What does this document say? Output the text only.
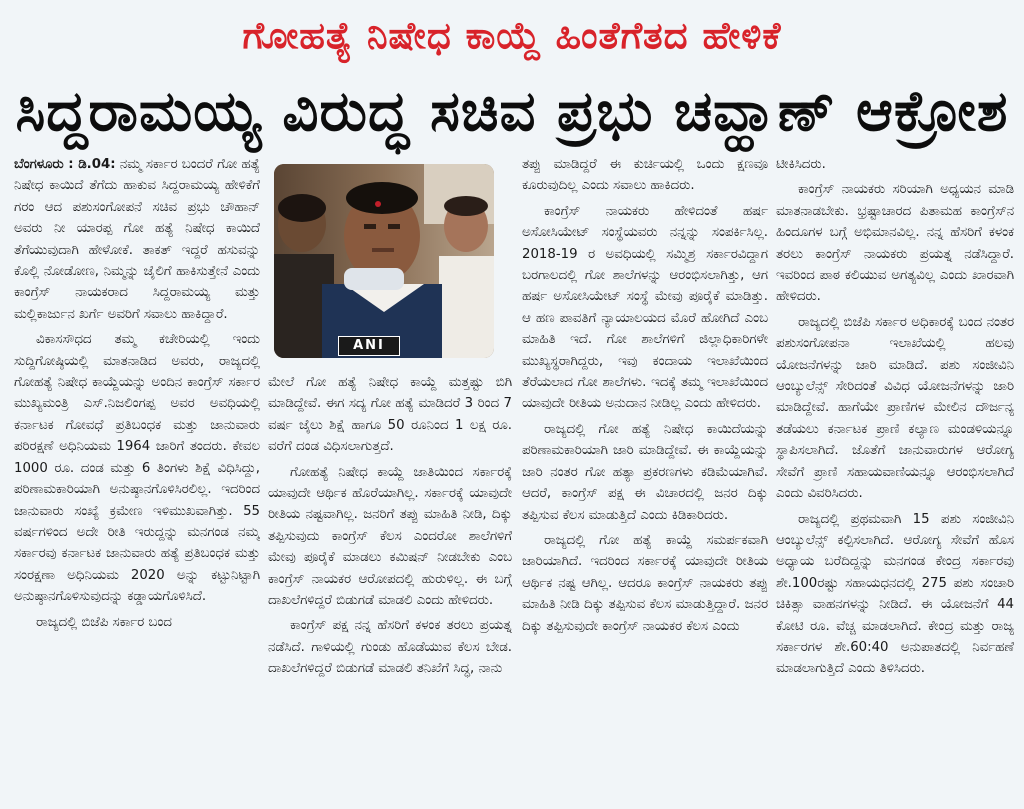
ಗೋಹತ್ಯೆ ನಿಷೇಧ ಕಾಯ್ದೆ ಹಿಂತೆಗೆತದ ಹೇಳಿಕೆ
ಸಿದ್ದರಾಮಯ್ಯ ವಿರುದ್ಧ ಸಚಿವ ಪ್ರಭು ಚವ್ಹಾಣ್ ಆಕ್ರೋಶ

ಬೆಂಗಳೂರು : ಡಿ.04: ನಮ್ಮ ಸರ್ಕಾರ ಬಂದರೆ ಗೋ ಹತ್ಯೆ ನಿಷೇಧ ಕಾಯಿದೆ ತೆಗೆದು ಹಾಕುವ ಸಿದ್ದರಾಮಯ್ಯ ಹೇಳಿಕೆಗೆ ಗರಂ ಆದ ಪಶುಸಂಗೋಪನೆ ಸಚಿವ ಪ್ರಭು ಚೌಹಾನ್ ಅವರು ನೀ ಯಾರಪ್ಪ ಗೋ ಹತ್ಯೆ ನಿಷೇಧ ಕಾಯಿದೆ ತೆಗೆಯುವುದಾಗಿ ಹೇಳೋಕೆ. ತಾಕತ್ ಇದ್ದರೆ ಹಸುವನ್ನು ಕೊಲ್ಲಿ ನೋಡೋಣ, ನಿಮ್ಮನ್ನು ಜೈಲಿಗೆ ಹಾಕಿಸುತ್ತೇನೆ ಎಂದು ಕಾಂಗ್ರೆಸ್ ನಾಯಕರಾದ ಸಿದ್ದರಾಮಯ್ಯ ಮತ್ತು ಮಲ್ಲಿಕಾರ್ಜುನ ಖರ್ಗೆ ಅವರಿಗೆ ಸವಾಲು ಹಾಕಿದ್ದಾರೆ.

ವಿಕಾಸಸೌಧದ ತಮ್ಮ ಕಚೇರಿಯಲ್ಲಿ ಇಂದು ಸುದ್ದಿಗೋಷ್ಠಿಯಲ್ಲಿ ಮಾತನಾಡಿದ ಅವರು, ರಾಜ್ಯದಲ್ಲಿ ಗೋಹತ್ಯೆ ನಿಷೇಧ ಕಾಯ್ದೆಯನ್ನು ಅಂದಿನ ಕಾಂಗ್ರೆಸ್ ಸರ್ಕಾರ ಮುಖ್ಯಮಂತ್ರಿ ಎಸ್.ನಿಜಲಿಂಗಪ್ಪ ಅವರ ಅವಧಿಯಲ್ಲಿ ಕರ್ನಾಟಕ ಗೋವಧೆ ಪ್ರತಿಬಂಧಕ ಮತ್ತು ಜಾನುವಾರು ಪರಿರಕ್ಷಣೆ ಅಧಿನಿಯಮ 1964 ಜಾರಿಗೆ ತಂದರು. ಕೇವಲ 1000 ರೂ. ದಂಡ ಮತ್ತು 6 ತಿಂಗಳು ಶಿಕ್ಷೆ ವಿಧಿಸಿದ್ದು, ಪರಿಣಾಮಕಾರಿಯಾಗಿ ಅನುಷ್ಠಾನಗೊಳಿಸಿರಲಿಲ್ಲ. ಇದರಿಂದ ಜಾನುವಾರು ಸಂಖ್ಯೆ ಕ್ರಮೇಣ ಇಳಿಮುಖವಾಗಿತ್ತು. 55 ವರ್ಷಗಳಿಂದ ಅದೇ ರೀತಿ ಇರುದ್ದನ್ನು ಮನಗಂಡ ನಮ್ಮ ಸರ್ಕಾರವು ಕರ್ನಾಟಕ ಜಾನುವಾರು ಹತ್ಯೆ ಪ್ರತಿಬಂಧಕ ಮತ್ತು ಸಂರಕ್ಷಣಾ ಅಧಿನಿಯಮ 2020 ಅನ್ನು ಕಟ್ಟುನಿಟ್ಟಾಗಿ ಅನುಷ್ಠಾನಗೊಳಿಸುವುದನ್ನು ಕಡ್ಡಾಯಗೊಳಿಸಿದೆ.

ರಾಜ್ಯದಲ್ಲಿ ಬಿಜೆಪಿ ಸರ್ಕಾರ ಬಂದ

ANI

ಮೇಲೆ ಗೋ ಹತ್ಯೆ ನಿಷೇಧ ಕಾಯ್ದೆ ಮತ್ತಷ್ಟು ಬಿಗಿ ಮಾಡಿದ್ದೇವೆ. ಈಗ ಸದ್ಯ ಗೋ ಹತ್ಯೆ ಮಾಡಿದರೆ 3 ರಿಂದ 7 ವರ್ಷ ಜೈಲು ಶಿಕ್ಷೆ ಹಾಗೂ 50 ರೂನಿಂದ 1 ಲಕ್ಷ ರೂ. ವರೆಗೆ ದಂಡ ವಿಧಿಸಲಾಗುತ್ತದೆ.

ಗೋಹತ್ಯೆ ನಿಷೇಧ ಕಾಯ್ದೆ ಜಾತಿಯಿಂದ ಸರ್ಕಾರಕ್ಕೆ ಯಾವುದೇ ಆರ್ಥಿಕ ಹೊರೆಯಾಗಿಲ್ಲ. ಸರ್ಕಾರಕ್ಕೆ ಯಾವುದೇ ರೀತಿಯ ನಷ್ಟವಾಗಿಲ್ಲ. ಜನರಿಗೆ ತಪ್ಪು ಮಾಹಿತಿ ನೀಡಿ, ದಿಕ್ಕು ತಪ್ಪಿಸುವುದು ಕಾಂಗ್ರೆಸ್ ಕೆಲಸ ಎಂದರೋ ಶಾಲೆಗಳಿಗೆ ಮೇವು ಪೂರೈಕೆ ಮಾಡಲು ಕಮಿಷನ್ ನೀಡಬೇಕು ಎಂಬ ಕಾಂಗ್ರೆಸ್ ನಾಯಕರ ಆರೋಪದಲ್ಲಿ ಹುರುಳಿಲ್ಲ. ಈ ಬಗ್ಗೆ ದಾಖಲೆಗಳಿದ್ದರೆ ಬಿಡುಗಡೆ ಮಾಡಲಿ ಎಂದು ಹೇಳಿದರು.

ಕಾಂಗ್ರೆಸ್ ಪಕ್ಷ ನನ್ನ ಹೆಸರಿಗೆ ಕಳಂಕ ತರಲು ಪ್ರಯತ್ನ ನಡೆಸಿದೆ. ಗಾಳಿಯಲ್ಲಿ ಗುಂಡು ಹೊಡೆಯುವ ಕೆಲಸ ಬೇಡ. ದಾಖಲೆಗಳಿದ್ದರೆ ಬಿಡುಗಡೆ ಮಾಡಲಿ ತನಿಖೆಗೆ ಸಿದ್ಧ, ನಾನು

ತಪ್ಪು ಮಾಡಿದ್ದರೆ ಈ ಕುರ್ಚಿಯಲ್ಲಿ ಒಂದು ಕ್ಷಣವೂ ಕೂರುವುದಿಲ್ಲ ಎಂದು ಸವಾಲು ಹಾಕಿದರು.

ಕಾಂಗ್ರೆಸ್ ನಾಯಕರು ಹೇಳಿದಂತೆ ಹರ್ಷ ಅಸೋಸಿಯೇಟ್ ಸಂಸ್ಥೆಯವರು ನನ್ನನ್ನು ಸಂಪರ್ಕಿಸಿಲ್ಲ. 2018-19 ರ ಅವಧಿಯಲ್ಲಿ ಸಮ್ಮಿಶ್ರ ಸರ್ಕಾರವಿದ್ದಾಗ ಬರಗಾಲದಲ್ಲಿ ಗೋ ಶಾಲೆಗಳನ್ನು ಆರಂಭಿಸಲಾಗಿತ್ತು, ಆಗ ಹರ್ಷ ಅಸೋಸಿಯೇಟ್ ಸಂಸ್ಥೆ ಮೇವು ಪೂರೈಕೆ ಮಾಡಿತ್ತು. ಆ ಹಣ ಪಾವತಿಗೆ ನ್ಯಾಯಾಲಯದ ಮೊರೆ ಹೋಗಿದೆ ಎಂಬ ಮಾಹಿತಿ ಇದೆ. ಗೋ ಶಾಲೆಗಳಿಗೆ ಜಿಲ್ಲಾಧಿಕಾರಿಗಳೇ ಮುಖ್ಯಸ್ಥರಾಗಿದ್ದರು, ಇವು ಕಂದಾಯ ಇಲಾಖೆಯಿಂದ ತೆರೆಯಲಾದ ಗೋ ಶಾಲೆಗಳು. ಇದಕ್ಕೆ ತಮ್ಮ ಇಲಾಖೆಯಿಂದ ಯಾವುದೇ ರೀತಿಯ ಅನುದಾನ ನೀಡಿಲ್ಲ ಎಂದು ಹೇಳಿದರು.

ರಾಜ್ಯದಲ್ಲಿ ಗೋ ಹತ್ಯೆ ನಿಷೇಧ ಕಾಯಿದೆಯನ್ನು ಪರಿಣಾಮಕಾರಿಯಾಗಿ ಜಾರಿ ಮಾಡಿದ್ದೇವೆ. ಈ ಕಾಯ್ದೆಯನ್ನು ಜಾರಿ ನಂತರ ಗೋ ಹತ್ಯಾ ಪ್ರಕರಣಗಳು ಕಡಿಮೆಯಾಗಿವೆ. ಆದರೆ, ಕಾಂಗ್ರೆಸ್ ಪಕ್ಷ ಈ ವಿಚಾರದಲ್ಲಿ ಜನರ ದಿಕ್ಕು ತಪ್ಪಿಸುವ ಕೆಲಸ ಮಾಡುತ್ತಿದೆ ಎಂದು ಕಿಡಿಕಾರಿದರು.

ರಾಜ್ಯದಲ್ಲಿ ಗೋ ಹತ್ಯೆ ಕಾಯ್ದೆ ಸಮರ್ಪಕವಾಗಿ ಜಾರಿಯಾಗಿದೆ. ಇದರಿಂದ ಸರ್ಕಾರಕ್ಕೆ ಯಾವುದೇ ರೀತಿಯ ಆರ್ಥಿಕ ನಷ್ಟ ಆಗಿಲ್ಲ. ಆದರೂ ಕಾಂಗ್ರೆಸ್ ನಾಯಕರು ತಪ್ಪು ಮಾಹಿತಿ ನೀಡಿ ದಿಕ್ಕು ತಪ್ಪಿಸುವ ಕೆಲಸ ಮಾಡುತ್ತಿದ್ದಾರೆ. ಜನರ ದಿಕ್ಕು ತಪ್ಪಿಸುವುದೇ ಕಾಂಗ್ರೆಸ್ ನಾಯಕರ ಕೆಲಸ ಎಂದು

ಟೀಕಿಸಿದರು.

ಕಾಂಗ್ರೆಸ್ ನಾಯಕರು ಸರಿಯಾಗಿ ಅಧ್ಯಯನ ಮಾಡಿ ಮಾತನಾಡಬೇಕು. ಭ್ರಷ್ಟಾಚಾರದ ಪಿತಾಮಹ ಕಾಂಗ್ರೆಸ್‌ನ ಹಿಂದೂಗಳ ಬಗ್ಗೆ ಅಭಿಮಾನವಿಲ್ಲ. ನನ್ನ ಹೆಸರಿಗೆ ಕಳಂಕ ತರಲು ಕಾಂಗ್ರೆಸ್ ನಾಯಕರು ಪ್ರಯತ್ನ ನಡೆಸಿದ್ದಾರೆ. ಇವರಿಂದ ಪಾಠ ಕಲಿಯುವ ಅಗತ್ಯವಿಲ್ಲ ಎಂದು ಖಾರವಾಗಿ ಹೇಳಿದರು.

ರಾಜ್ಯದಲ್ಲಿ ಬಿಜೆಪಿ ಸರ್ಕಾರ ಅಧಿಕಾರಕ್ಕೆ ಬಂದ ನಂತರ ಪಶುಸಂಗೋಪನಾ ಇಲಾಖೆಯಲ್ಲಿ ಹಲವು ಯೋಜನೆಗಳನ್ನು ಜಾರಿ ಮಾಡಿದೆ. ಪಶು ಸಂಜೀವಿನಿ ಆಂಬ್ಯುಲೆನ್ಸ್ ಸೇರಿದಂತೆ ವಿವಿಧ ಯೋಜನೆಗಳನ್ನು ಜಾರಿ ಮಾಡಿದ್ದೇವೆ. ಹಾಗೆಯೇ ಪ್ರಾಣಿಗಳ ಮೇಲಿನ ದೌರ್ಜನ್ಯ ತಡೆಯಲು ಕರ್ನಾಟಕ ಪ್ರಾಣಿ ಕಲ್ಯಾಣ ಮಂಡಳಿಯನ್ನೂ ಸ್ಥಾಪಿಸಲಾಗಿದೆ. ಜೊತೆಗೆ ಜಾನುವಾರುಗಳ ಆರೋಗ್ಯ ಸೇವೆಗೆ ಪ್ರಾಣಿ ಸಹಾಯವಾಣಿಯನ್ನೂ ಆರಂಭಿಸಲಾಗಿದೆ ಎಂದು ವಿವರಿಸಿದರು.

ರಾಜ್ಯದಲ್ಲಿ ಪ್ರಥಮವಾಗಿ 15 ಪಶು ಸಂಜೀವಿನಿ ಆಂಬ್ಯುಲೆನ್ಸ್ ಕಲ್ಪಿಸಲಾಗಿದೆ. ಆರೋಗ್ಯ ಸೇವೆಗೆ ಹೊಸ ಅಧ್ಯಾಯ ಬರೆದಿದ್ದನ್ನು ಮನಗಂಡ ಕೇಂದ್ರ ಸರ್ಕಾರವು ಶೇ.100ರಷ್ಟು ಸಹಾಯಧನದಲ್ಲಿ 275 ಪಶು ಸಂಚಾರಿ ಚಿಕಿತ್ಸಾ ವಾಹನಗಳನ್ನು ನೀಡಿದೆ. ಈ ಯೋಜನೆಗೆ 44 ಕೋಟಿ ರೂ. ವೆಚ್ಚ ಮಾಡಲಾಗಿದೆ. ಕೇಂದ್ರ ಮತ್ತು ರಾಜ್ಯ ಸರ್ಕಾರಗಳ ಶೇ.60:40 ಅನುಪಾತದಲ್ಲಿ ನಿರ್ವಹಣೆ ಮಾಡಲಾಗುತ್ತಿದೆ ಎಂದು ತಿಳಿಸಿದರು.
